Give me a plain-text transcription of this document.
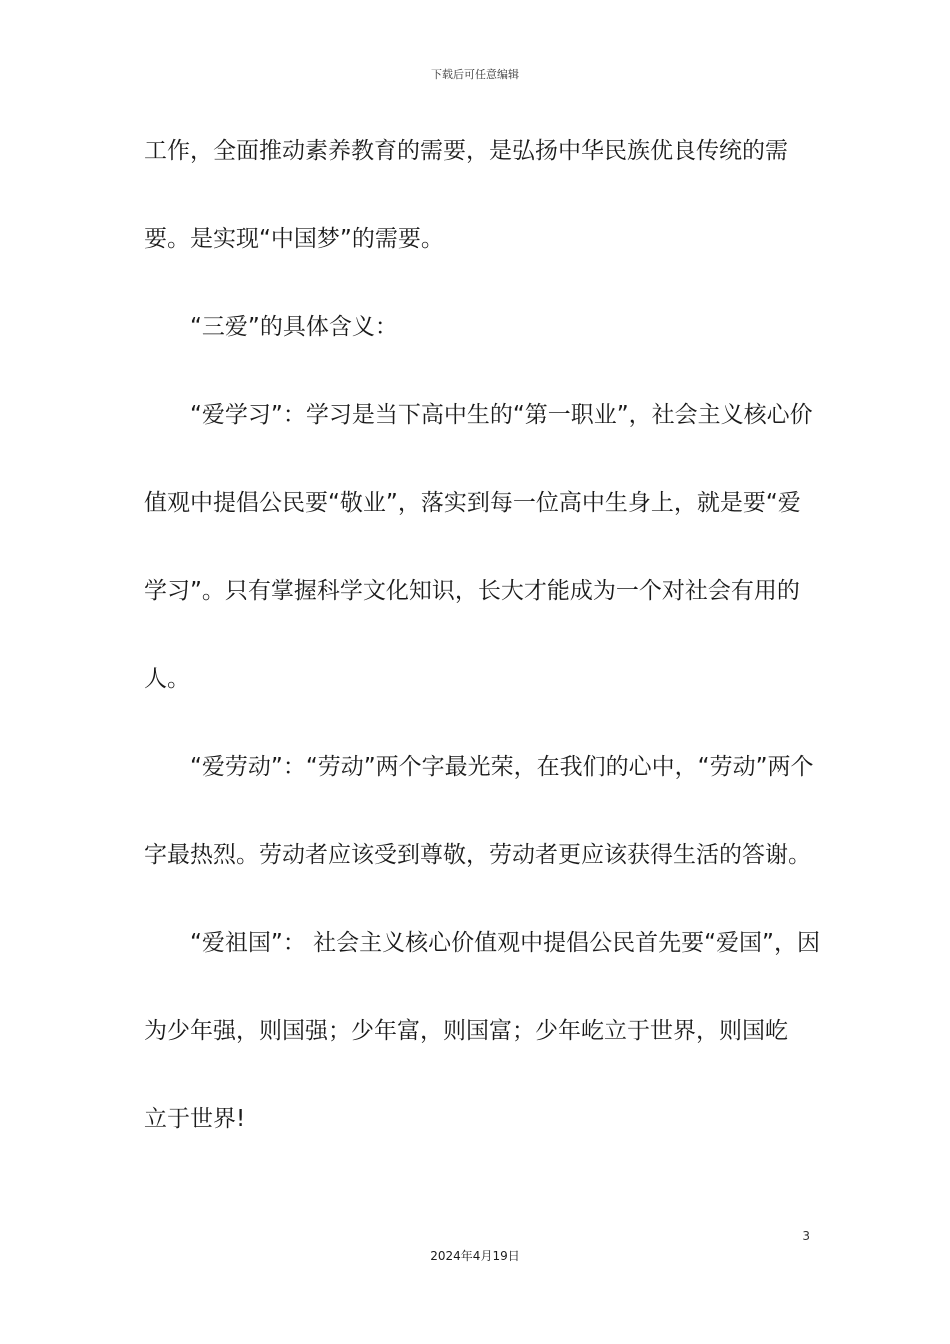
下载后可任意编辑
工作，全面推动素养教育的需要，是弘扬中华民族优良传统的需
要。是实现“中国梦”的需要。
“三爱”的具体含义：
“爱学习”：学习是当下高中生的“第一职业”，社会主义核心价
值观中提倡公民要“敬业”，落实到每一位高中生身上，就是要“爱
学习”。只有掌握科学文化知识，长大才能成为一个对社会有用的
人。
“爱劳动”：“劳动”两个字最光荣，在我们的心中，“劳动”两个
字最热烈。劳动者应该受到尊敬，劳动者更应该获得生活的答谢。
“爱祖国”： 社会主义核心价值观中提倡公民首先要“爱国”，因
为少年强，则国强；少年富，则国富；少年屹立于世界，则国屹
立于世界!
3
2024年4月19日
